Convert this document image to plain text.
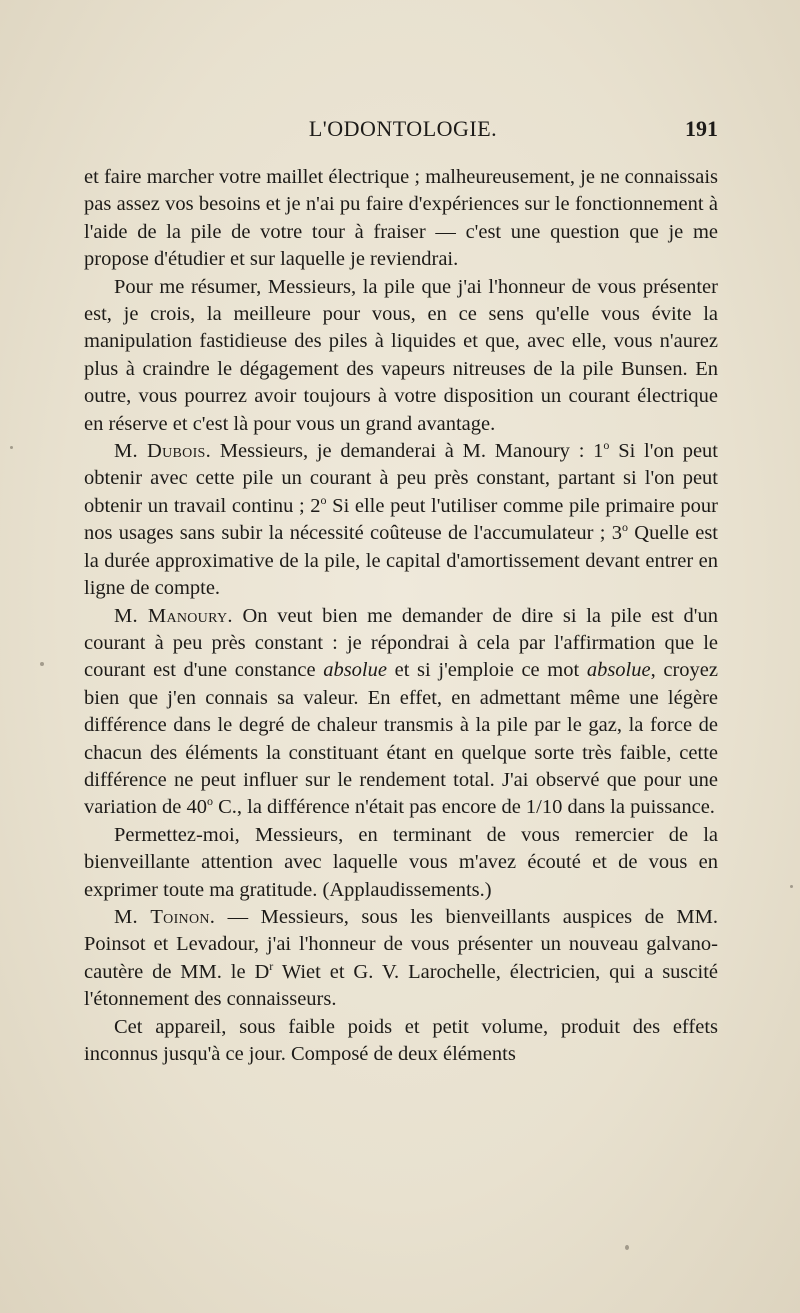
L'ODONTOLOGIE.	191

et faire marcher votre maillet électrique ; malheureusement, je ne connaissais pas assez vos besoins et je n'ai pu faire d'expériences sur le fonctionnement à l'aide de la pile de votre tour à fraiser — c'est une question que je me propose d'étudier et sur laquelle je reviendrai.

Pour me résumer, Messieurs, la pile que j'ai l'honneur de vous présenter est, je crois, la meilleure pour vous, en ce sens qu'elle vous évite la manipulation fastidieuse des piles à liquides et que, avec elle, vous n'aurez plus à craindre le dégagement des vapeurs nitreuses de la pile Bunsen. En outre, vous pourrez avoir toujours à votre disposition un courant électrique en réserve et c'est là pour vous un grand avantage.

M. Dubois. Messieurs, je demanderai à M. Manoury : 1$^o$ Si l'on peut obtenir avec cette pile un courant à peu près constant, partant si l'on peut obtenir un travail continu ; 2$^o$ Si elle peut l'utiliser comme pile primaire pour nos usages sans subir la nécessité coûteuse de l'accumulateur ; 3$^o$ Quelle est la durée approximative de la pile, le capital d'amortissement devant entrer en ligne de compte.

M. Manoury. On veut bien me demander de dire si la pile est d'un courant à peu près constant : je répondrai à cela par l'affirmation que le courant est d'une constance absolue et si j'emploie ce mot absolue, croyez bien que j'en connais sa valeur. En effet, en admettant même une légère différence dans le degré de chaleur transmis à la pile par le gaz, la force de chacun des éléments la constituant étant en quelque sorte très faible, cette différence ne peut influer sur le rendement total. J'ai observé que pour une variation de 40$^o$ C., la différence n'était pas encore de 1/10 dans la puissance.

Permettez-moi, Messieurs, en terminant de vous remercier de la bienveillante attention avec laquelle vous m'avez écouté et de vous en exprimer toute ma gratitude. (Applaudissements.)

M. Toinon. — Messieurs, sous les bienveillants auspices de MM. Poinsot et Levadour, j'ai l'honneur de vous présenter un nouveau galvano-cautère de MM. le $D^r$ Wiet et G. V. Larochelle, électricien, qui a suscité l'étonnement des connaisseurs.

Cet appareil, sous faible poids et petit volume, produit des effets inconnus jusqu'à ce jour. Composé de deux éléments
